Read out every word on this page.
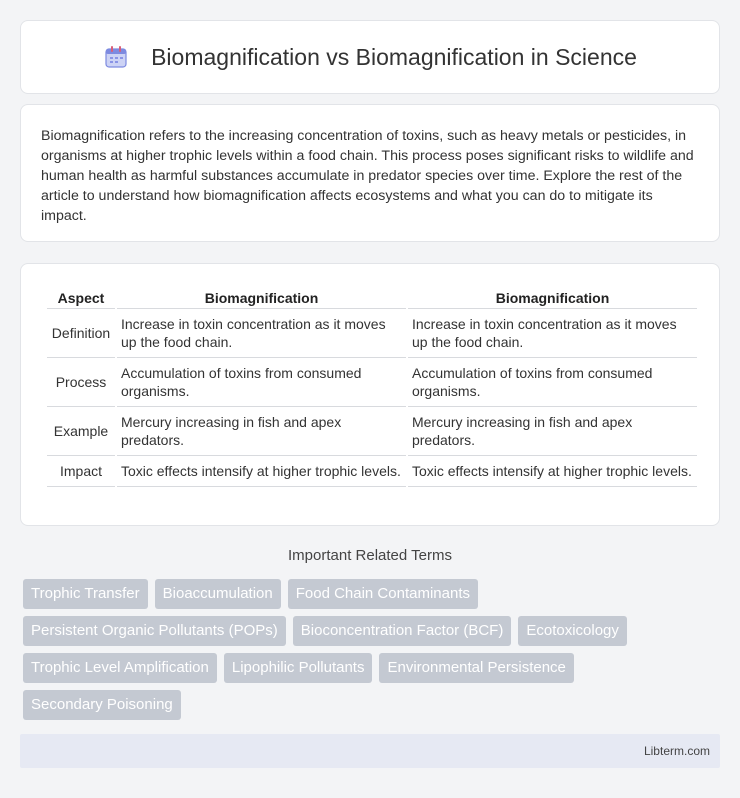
Biomagnification vs Biomagnification in Science

Biomagnification refers to the increasing concentration of toxins, such as heavy metals or pesticides, in organisms at higher trophic levels within a food chain. This process poses significant risks to wildlife and human health as harmful substances accumulate in predator species over time. Explore the rest of the article to understand how biomagnification affects ecosystems and what you can do to mitigate its impact.

Aspect	Biomagnification	Biomagnification
Definition	Increase in toxin concentration as it moves up the food chain.	Increase in toxin concentration as it moves up the food chain.
Process	Accumulation of toxins from consumed organisms.	Accumulation of toxins from consumed organisms.
Example	Mercury increasing in fish and apex predators.	Mercury increasing in fish and apex predators.
Impact	Toxic effects intensify at higher trophic levels.	Toxic effects intensify at higher trophic levels.
Important Related Terms
Trophic Transfer	Bioaccumulation	Food Chain Contaminants
Persistent Organic Pollutants (POPs)	Bioconcentration Factor (BCF)	Ecotoxicology
Trophic Level Amplification	Lipophilic Pollutants	Environmental Persistence
Secondary Poisoning
Libterm.com
